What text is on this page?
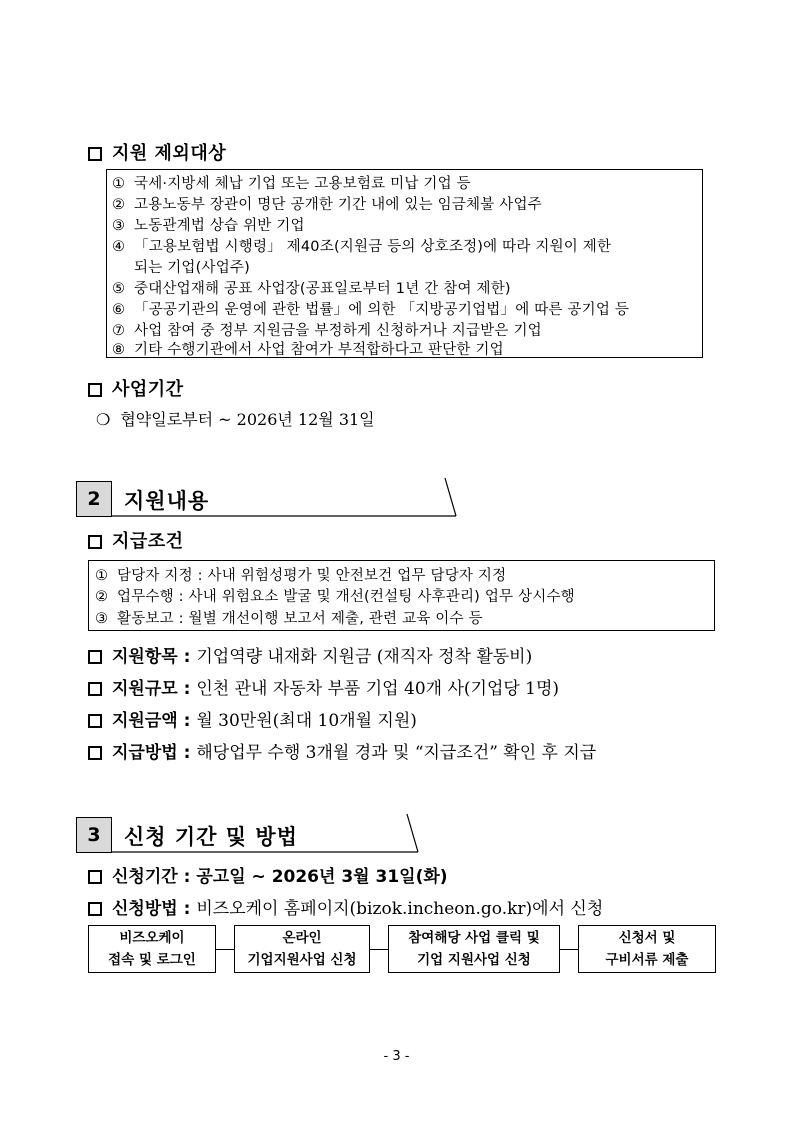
지원 제외대상
① 국세·지방세 체납 기업 또는 고용보험료 미납 기업 등
② 고용노동부 장관이 명단 공개한 기간 내에 있는 임금체불 사업주
③ 노동관계법 상습 위반 기업
④ 「고용보험법 시행령」 제40조(지원금 등의 상호조정)에 따라 지원이 제한
되는 기업(사업주)
⑤ 중대산업재해 공표 사업장(공표일로부터 1년 간 참여 제한)
⑥ 「공공기관의 운영에 관한 법률」에 의한 「지방공기업법」에 따른 공기업 등
⑦ 사업 참여 중 정부 지원금을 부정하게 신청하거나 지급받은 기업
⑧ 기타 수행기관에서 사업 참여가 부적합하다고 판단한 기업
사업기간
❍ 협약일로부터 ~ 2026년 12월 31일
2	지원내용
지급조건
① 담당자 지정 : 사내 위험성평가 및 안전보건 업무 담당자 지정
② 업무수행 : 사내 위험요소 발굴 및 개선(컨설팅 사후관리) 업무 상시수행
③ 활동보고 : 월별 개선이행 보고서 제출, 관련 교육 이수 등
지원항목 : 기업역량 내재화 지원금 (재직자 정착 활동비)
지원규모 : 인천 관내 자동차 부품 기업 40개 사(기업당 1명)
지원금액 : 월 30만원(최대 10개월 지원)
지급방법 : 해당업무 수행 3개월 경과 및 “지급조건” 확인 후 지급
3	신청 기간 및 방법
신청기간 : 공고일 ~ 2026년 3월 31일(화)
신청방법 : 비즈오케이 홈페이지(bizok.incheon.go.kr)에서 신청
비즈오케이
접속 및 로그인
온라인
기업지원사업 신청
참여해당 사업 클릭 및
기업 지원사업 신청
신청서 및
구비서류 제출
- 3 -
